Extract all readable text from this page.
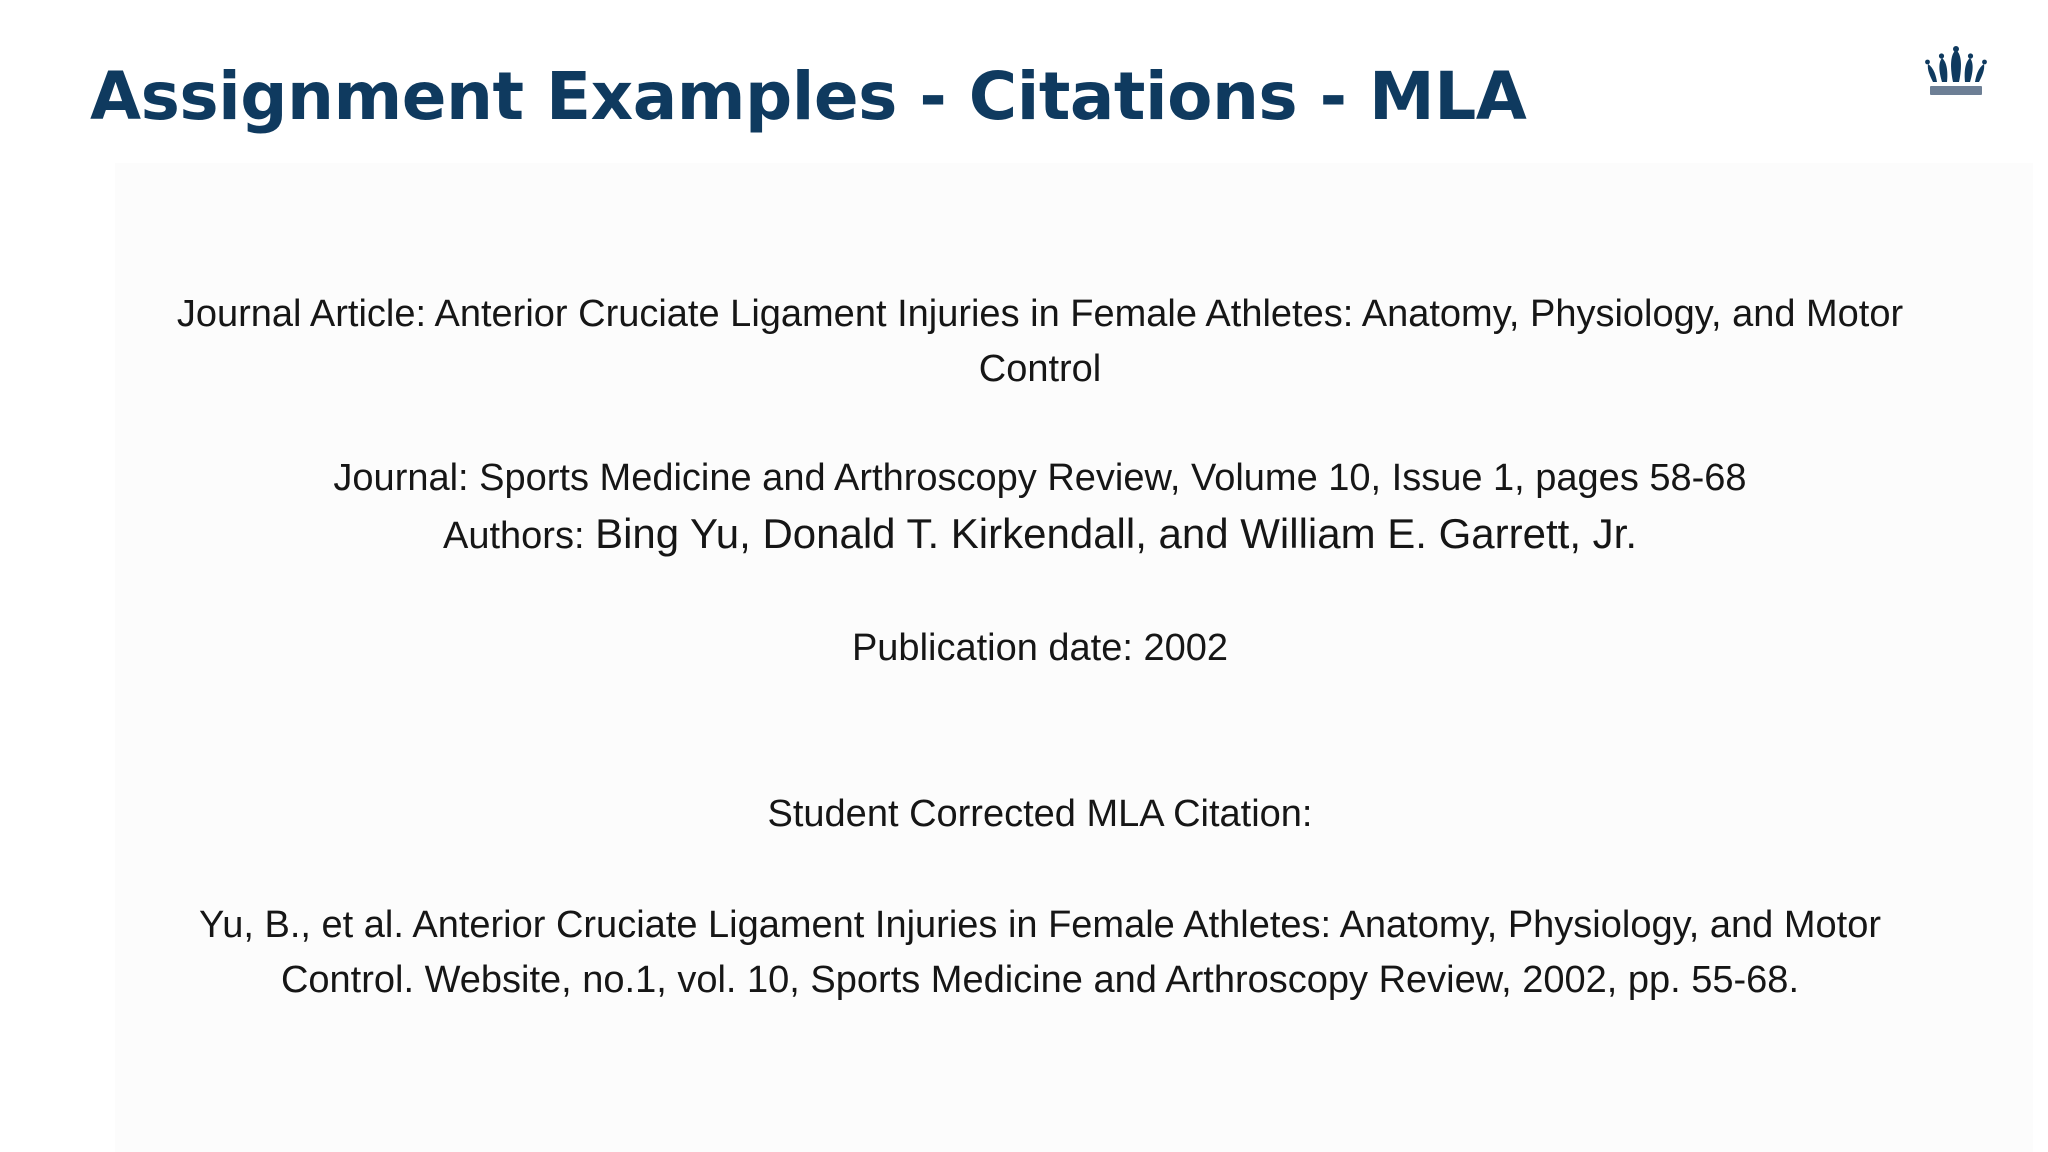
Assignment Examples - Citations - MLA
Journal Article: Anterior Cruciate Ligament Injuries in Female Athletes: Anatomy, Physiology, and Motor Control
Journal: Sports Medicine and Arthroscopy Review, Volume 10, Issue 1, pages 58-68
Authors: Bing Yu, Donald T. Kirkendall, and William E. Garrett, Jr.
Publication date: 2002
Student Corrected MLA Citation:
Yu, B., et al. Anterior Cruciate Ligament Injuries in Female Athletes: Anatomy, Physiology, and Motor Control. Website, no.1, vol. 10, Sports Medicine and Arthroscopy Review, 2002, pp. 55-68.
